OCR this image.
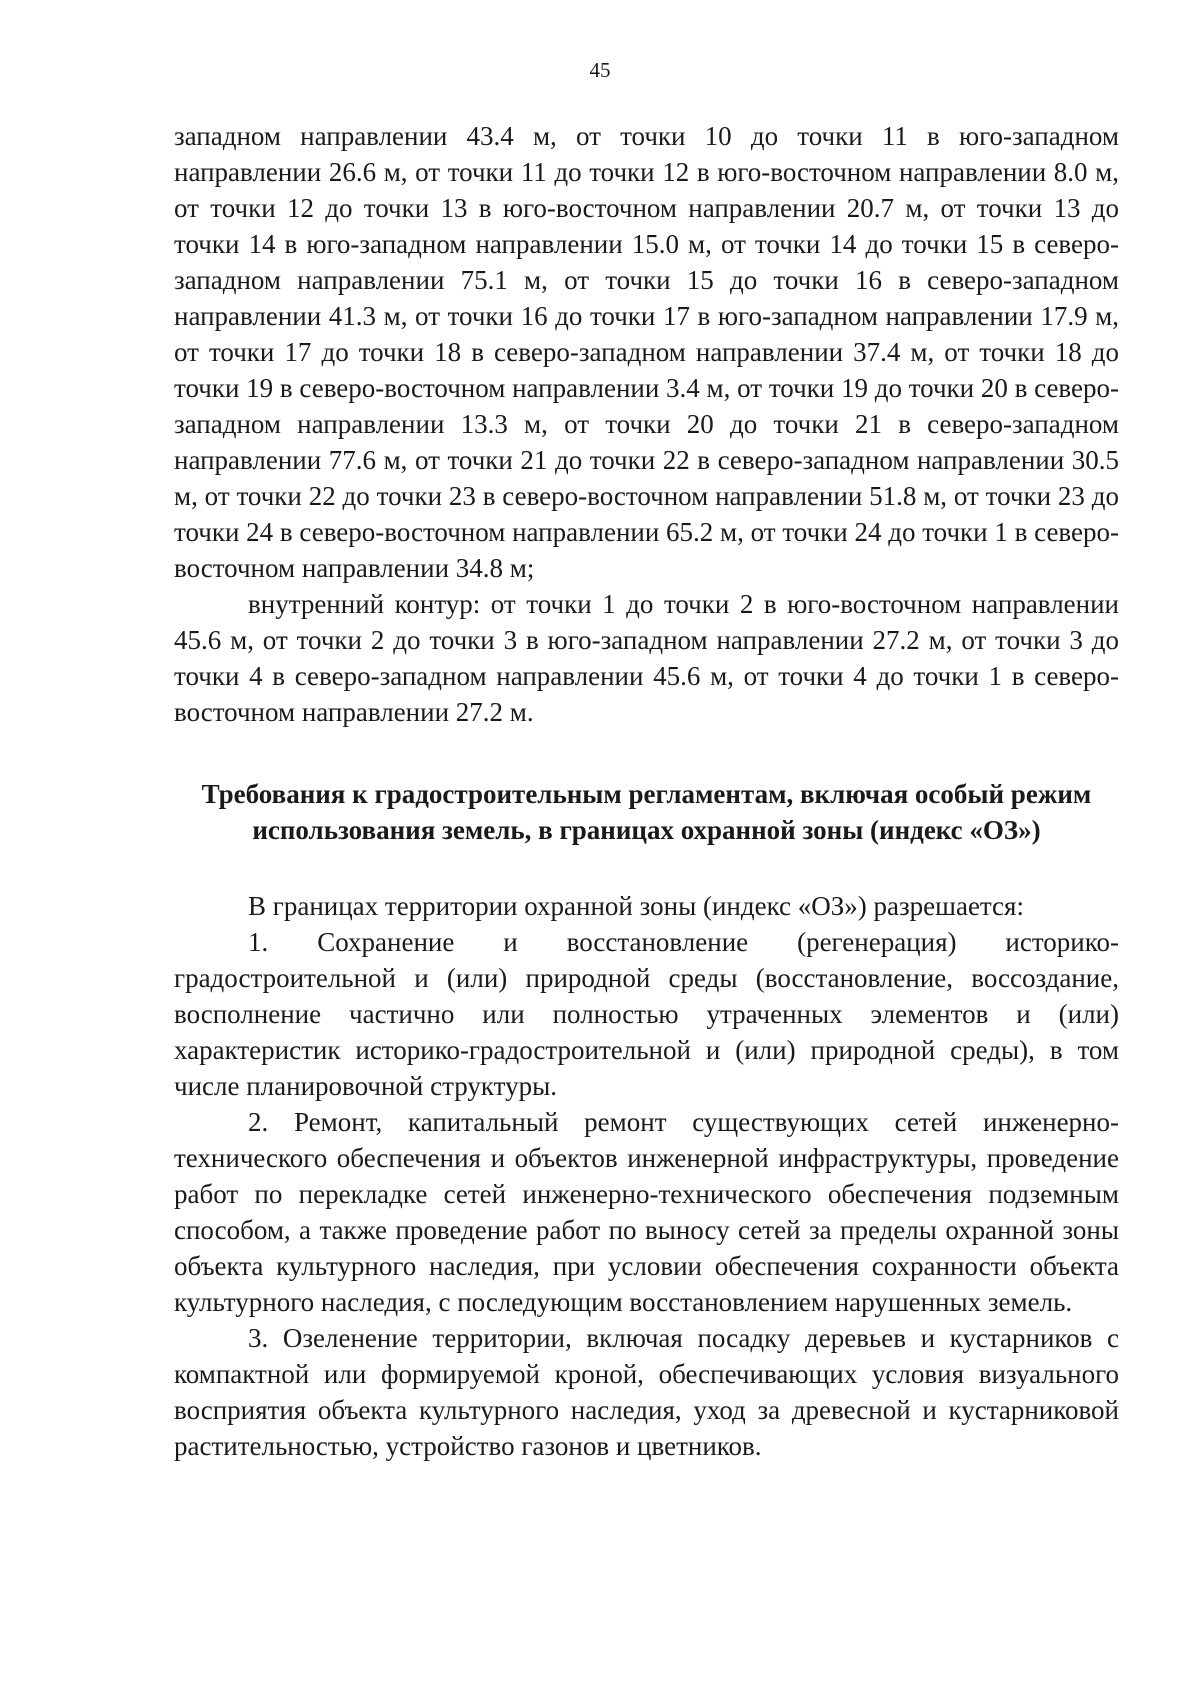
45

западном направлении 43.4 м, от точки 10 до точки 11 в юго-западном направлении 26.6 м, от точки 11 до точки 12 в юго-восточном направлении 8.0 м, от точки 12 до точки 13 в юго-восточном направлении 20.7 м, от точки 13 до точки 14 в юго-западном направлении 15.0 м, от точки 14 до точки 15 в северо-западном направлении 75.1 м, от точки 15 до точки 16 в северо-западном направлении 41.3 м, от точки 16 до точки 17 в юго-западном направлении 17.9 м, от точки 17 до точки 18 в северо-западном направлении 37.4 м, от точки 18 до точки 19 в северо-восточном направлении 3.4 м, от точки 19 до точки 20 в северо-западном направлении 13.3 м, от точки 20 до точки 21 в северо-западном направлении 77.6 м, от точки 21 до точки 22 в северо-западном направлении 30.5 м, от точки 22 до точки 23 в северо-восточном направлении 51.8 м, от точки 23 до точки 24 в северо-восточном направлении 65.2 м, от точки 24 до точки 1 в северо-восточном направлении 34.8 м;

внутренний контур: от точки 1 до точки 2 в юго-восточном направлении 45.6 м, от точки 2 до точки 3 в юго-западном направлении 27.2 м, от точки 3 до точки 4 в северо-западном направлении 45.6 м, от точки 4 до точки 1 в северо-восточном направлении 27.2 м.

Требования к градостроительным регламентам, включая особый режим
использования земель, в границах охранной зоны (индекс «ОЗ»)

В границах территории охранной зоны (индекс «ОЗ») разрешается:

1. Сохранение и восстановление (регенерация) историко-градостроительной и (или) природной среды (восстановление, воссоздание, восполнение частично или полностью утраченных элементов и (или) характеристик историко-градостроительной и (или) природной среды), в том числе планировочной структуры.

2. Ремонт, капитальный ремонт существующих сетей инженерно-технического обеспечения и объектов инженерной инфраструктуры, проведение работ по перекладке сетей инженерно-технического обеспечения подземным способом, а также проведение работ по выносу сетей за пределы охранной зоны объекта культурного наследия, при условии обеспечения сохранности объекта культурного наследия, с последующим восстановлением нарушенных земель.

3. Озеленение территории, включая посадку деревьев и кустарников с компактной или формируемой кроной, обеспечивающих условия визуального восприятия объекта культурного наследия, уход за древесной и кустарниковой растительностью, устройство газонов и цветников.
